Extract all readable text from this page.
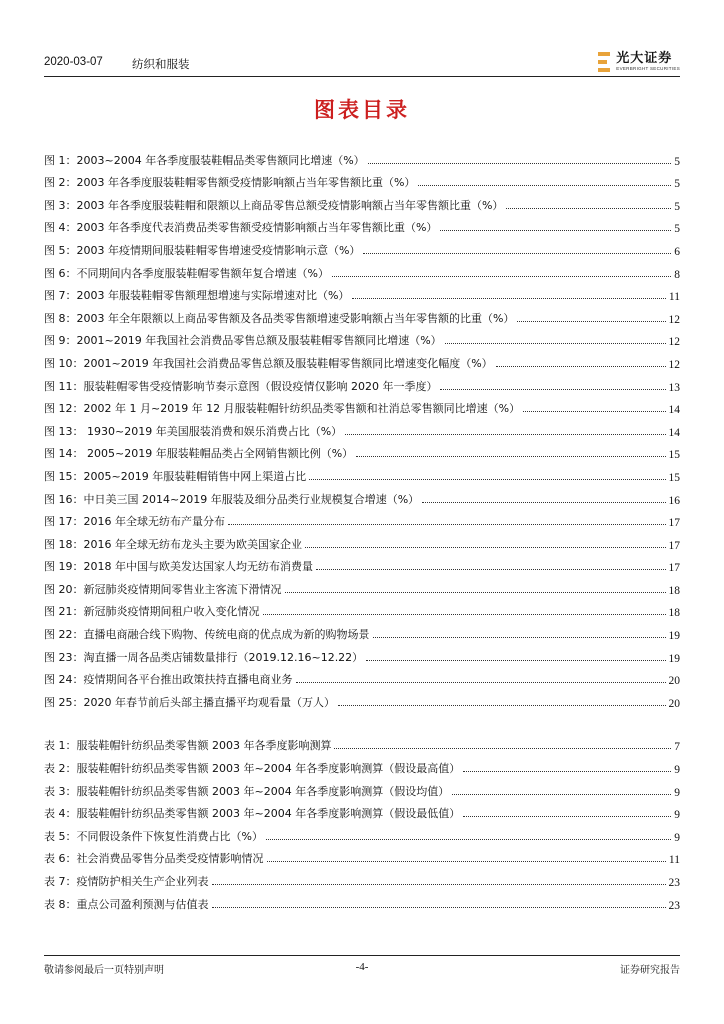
2020-03-07	纺织和服装	光大证券
EVERBRIGHT SECURITIES
图表目录
图 1：2003~2004 年各季度服装鞋帽品类零售额同比增速（%）	5
图 2：2003 年各季度服装鞋帽零售额受疫情影响额占当年零售额比重（%）	5
图 3：2003 年各季度服装鞋帽和限额以上商品零售总额受疫情影响额占当年零售额比重（%）	5
图 4：2003 年各季度代表消费品类零售额受疫情影响额占当年零售额比重（%）	5
图 5：2003 年疫情期间服装鞋帽零售增速受疫情影响示意（%）	6
图 6：不同期间内各季度服装鞋帽零售额年复合增速（%）	8
图 7：2003 年服装鞋帽零售额理想增速与实际增速对比（%）	11
图 8：2003 年全年限额以上商品零售额及各品类零售额增速受影响额占当年零售额的比重（%）	12
图 9：2001~2019 年我国社会消费品零售总额及服装鞋帽零售额同比增速（%）	12
图 10：2001~2019 年我国社会消费品零售总额及服装鞋帽零售额同比增速变化幅度（%）	12
图 11：服装鞋帽零售受疫情影响节奏示意图（假设疫情仅影响 2020 年一季度）	13
图 12：2002 年 1 月~2019 年 12 月服装鞋帽针纺织品类零售额和社消总零售额同比增速（%）	14
图 13： 1930~2019 年美国服装消费和娱乐消费占比（%）	14
图 14： 2005~2019 年服装鞋帽品类占全网销售额比例（%）	15
图 15：2005~2019 年服装鞋帽销售中网上渠道占比	15
图 16：中日美三国 2014~2019 年服装及细分品类行业规模复合增速（%）	16
图 17：2016 年全球无纺布产量分布	17
图 18：2016 年全球无纺布龙头主要为欧美国家企业	17
图 19：2018 年中国与欧美发达国家人均无纺布消费量	17
图 20：新冠肺炎疫情期间零售业主客流下滑情况	18
图 21：新冠肺炎疫情期间租户收入变化情况	18
图 22：直播电商融合线下购物、传统电商的优点成为新的购物场景	19
图 23：淘直播一周各品类店铺数量排行（2019.12.16~12.22）	19
图 24：疫情期间各平台推出政策扶持直播电商业务	20
图 25：2020 年春节前后头部主播直播平均观看量（万人）	20
表 1：服装鞋帽针纺织品类零售额 2003 年各季度影响测算	7
表 2：服装鞋帽针纺织品类零售额 2003 年~2004 年各季度影响测算（假设最高值）	9
表 3：服装鞋帽针纺织品类零售额 2003 年~2004 年各季度影响测算（假设均值）	9
表 4：服装鞋帽针纺织品类零售额 2003 年~2004 年各季度影响测算（假设最低值）	9
表 5：不同假设条件下恢复性消费占比（%）	9
表 6：社会消费品零售分品类受疫情影响情况	11
表 7：疫情防护相关生产企业列表	23
表 8：重点公司盈利预测与估值表	23
敬请参阅最后一页特别声明	-4-	证券研究报告
